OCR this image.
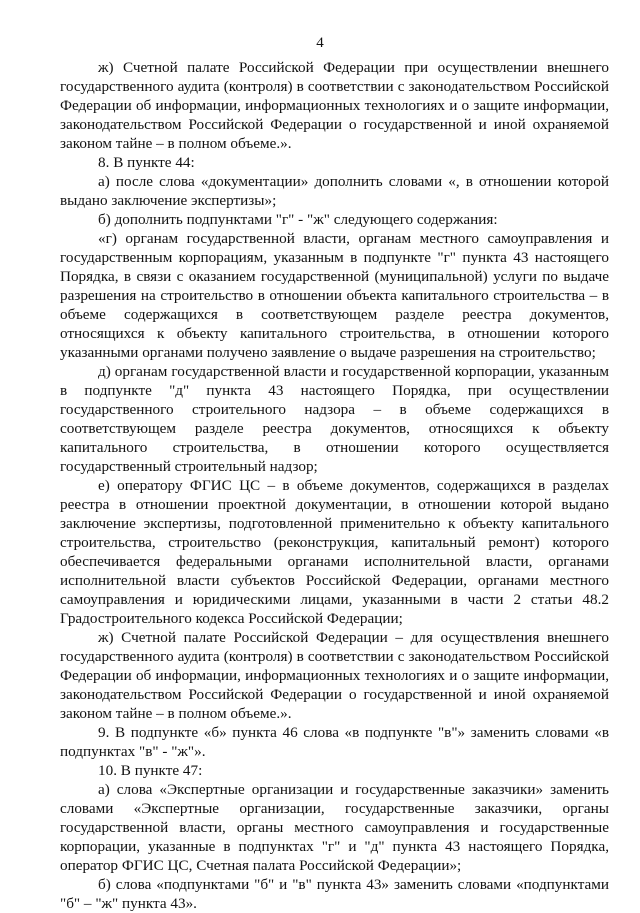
4

ж) Счетной палате Российской Федерации при осуществлении внешнего государственного аудита (контроля) в соответствии с законодательством Российской Федерации об информации, информационных технологиях и о защите информации, законодательством Российской Федерации о государственной и иной охраняемой законом тайне – в полном объеме.».

8. В пункте 44:

а) после слова «документации» дополнить словами «, в отношении которой выдано заключение экспертизы»;

б) дополнить подпунктами "г" - "ж" следующего содержания:

«г) органам государственной власти, органам местного самоуправления и государственным корпорациям, указанным в подпункте "г" пункта 43 настоящего Порядка, в связи с оказанием государственной (муниципальной) услуги по выдаче разрешения на строительство в отношении объекта капитального строительства – в объеме содержащихся в соответствующем разделе реестра документов, относящихся к объекту капитального строительства, в отношении которого указанными органами получено заявление о выдаче разрешения на строительство;

д) органам государственной власти и государственной корпорации, указанным в подпункте "д" пункта 43 настоящего Порядка, при осуществлении государственного строительного надзора – в объеме содержащихся в соответствующем разделе реестра документов, относящихся к объекту капитального строительства, в отношении которого осуществляется государственный строительный надзор;

е) оператору ФГИС ЦС – в объеме документов, содержащихся в разделах реестра в отношении проектной документации, в отношении которой выдано заключение экспертизы, подготовленной применительно к объекту капитального строительства, строительство (реконструкция, капитальный ремонт) которого обеспечивается федеральными органами исполнительной власти, органами исполнительной власти субъектов Российской Федерации, органами местного самоуправления и юридическими лицами, указанными в части 2 статьи 48.2 Градостроительного кодекса Российской Федерации;

ж) Счетной палате Российской Федерации – для осуществления внешнего государственного аудита (контроля) в соответствии с законодательством Российской Федерации об информации, информационных технологиях и о защите информации, законодательством Российской Федерации о государственной и иной охраняемой законом тайне – в полном объеме.».

9. В подпункте «б» пункта 46 слова «в подпункте "в"» заменить словами «в подпунктах "в" - "ж"».

10. В пункте 47:

а) слова «Экспертные организации и государственные заказчики» заменить словами «Экспертные организации, государственные заказчики, органы государственной власти, органы местного самоуправления и государственные корпорации, указанные в подпунктах "г" и "д" пункта 43 настоящего Порядка, оператор ФГИС ЦС, Счетная палата Российской Федерации»;

б) слова «подпунктами "б" и "в" пункта 43» заменить словами «подпунктами "б" – "ж" пункта 43».
